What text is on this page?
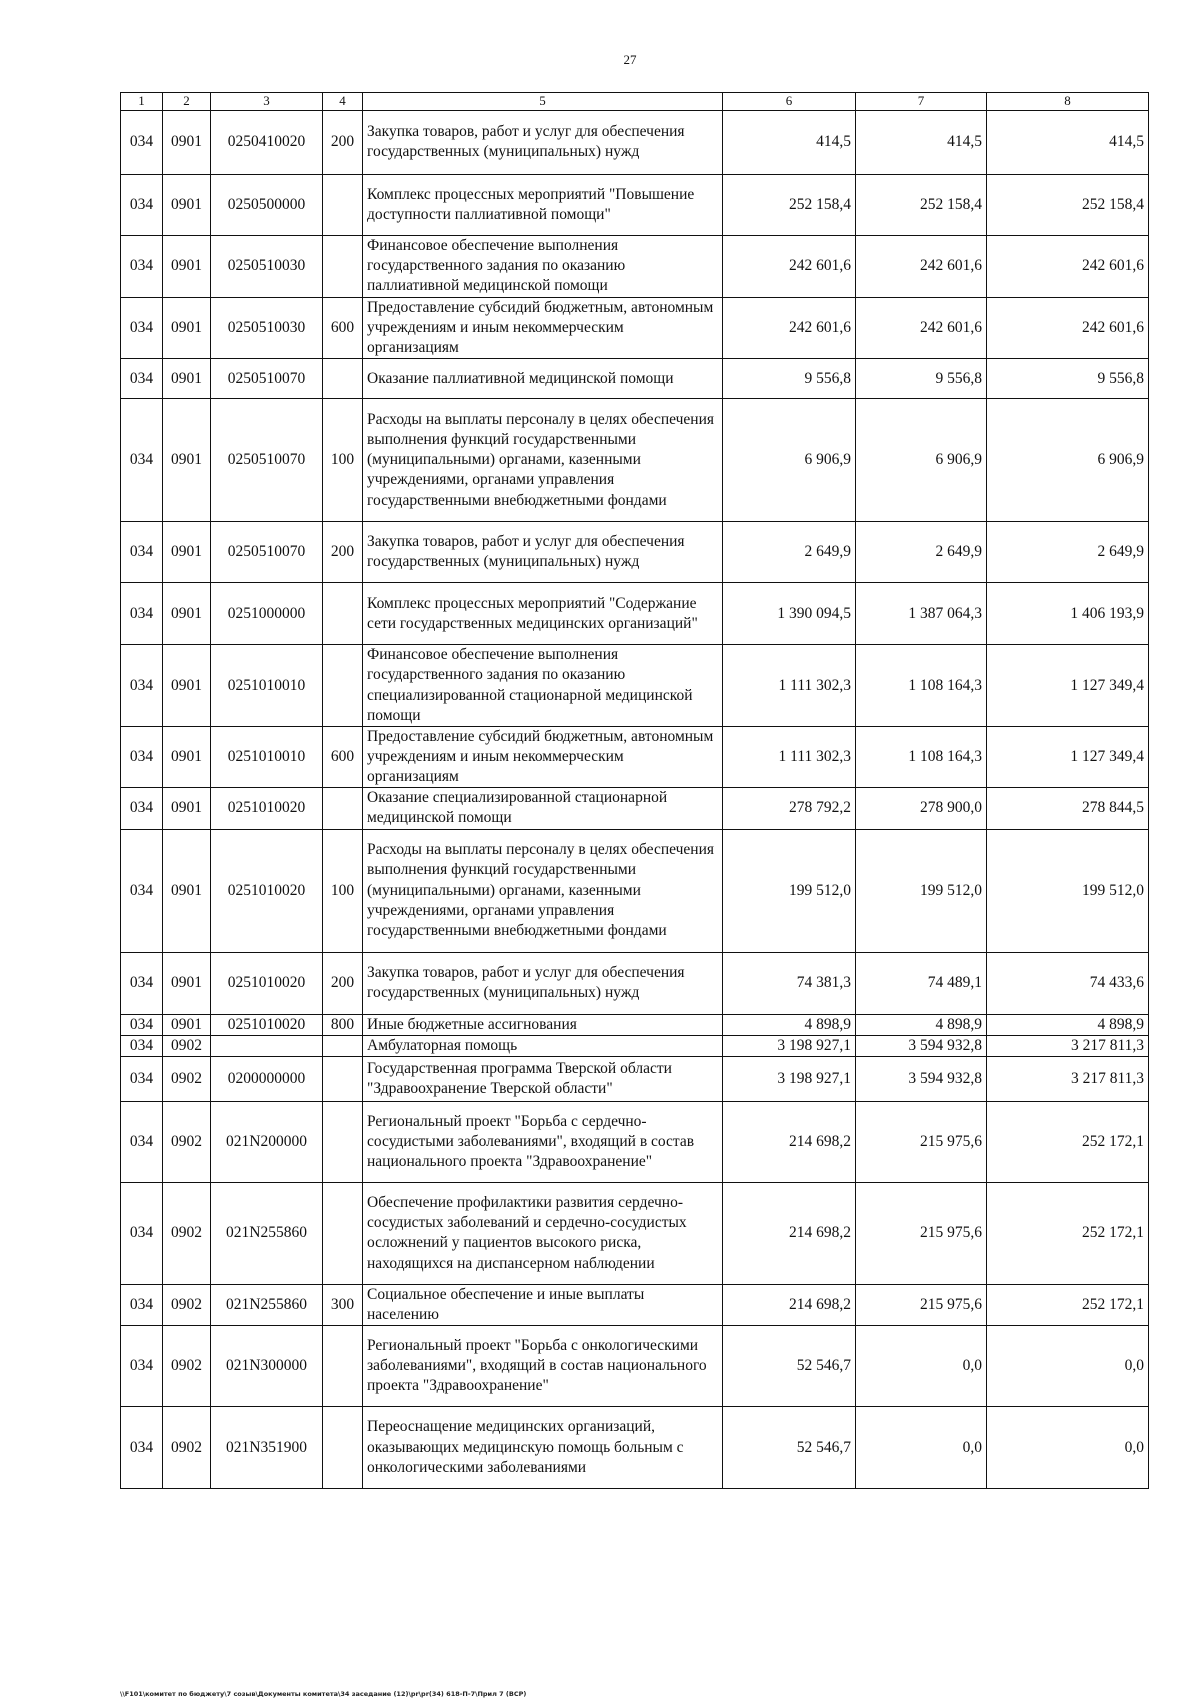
27
1	2	3	4	5	6	7	8
034	0901	0250410020	200	Закупка товаров, работ и услуг для обеспечения государственных (муниципальных) нужд	414,5	414,5	414,5
034	0901	0250500000		Комплекс процессных мероприятий "Повышение доступности паллиативной помощи"	252 158,4	252 158,4	252 158,4
034	0901	0250510030		Финансовое обеспечение выполнения государственного задания по оказанию паллиативной медицинской помощи	242 601,6	242 601,6	242 601,6
034	0901	0250510030	600	Предоставление субсидий бюджетным, автономным учреждениям и иным некоммерческим организациям	242 601,6	242 601,6	242 601,6
034	0901	0250510070		Оказание паллиативной медицинской помощи	9 556,8	9 556,8	9 556,8
034	0901	0250510070	100	Расходы на выплаты персоналу в целях обеспечения выполнения функций государственными (муниципальными) органами, казенными учреждениями, органами управления государственными внебюджетными фондами	6 906,9	6 906,9	6 906,9
034	0901	0250510070	200	Закупка товаров, работ и услуг для обеспечения государственных (муниципальных) нужд	2 649,9	2 649,9	2 649,9
034	0901	0251000000		Комплекс процессных мероприятий "Содержание сети государственных медицинских организаций"	1 390 094,5	1 387 064,3	1 406 193,9
034	0901	0251010010		Финансовое обеспечение выполнения государственного задания по оказанию специализированной стационарной медицинской помощи	1 111 302,3	1 108 164,3	1 127 349,4
034	0901	0251010010	600	Предоставление субсидий бюджетным, автономным учреждениям и иным некоммерческим организациям	1 111 302,3	1 108 164,3	1 127 349,4
034	0901	0251010020		Оказание специализированной стационарной медицинской помощи	278 792,2	278 900,0	278 844,5
034	0901	0251010020	100	Расходы на выплаты персоналу в целях обеспечения выполнения функций государственными (муниципальными) органами, казенными учреждениями, органами управления государственными внебюджетными фондами	199 512,0	199 512,0	199 512,0
034	0901	0251010020	200	Закупка товаров, работ и услуг для обеспечения государственных (муниципальных) нужд	74 381,3	74 489,1	74 433,6
034	0901	0251010020	800	Иные бюджетные ассигнования	4 898,9	4 898,9	4 898,9
034	0902			Амбулаторная помощь	3 198 927,1	3 594 932,8	3 217 811,3
034	0902	0200000000		Государственная программа Тверской области "Здравоохранение Тверской области"	3 198 927,1	3 594 932,8	3 217 811,3
034	0902	021N200000		Региональный проект "Борьба с сердечно-сосудистыми заболеваниями", входящий в состав национального проекта "Здравоохранение"	214 698,2	215 975,6	252 172,1
034	0902	021N255860		Обеспечение профилактики развития сердечно-сосудистых заболеваний и сердечно-сосудистых осложнений у пациентов высокого риска, находящихся на диспансерном наблюдении	214 698,2	215 975,6	252 172,1
034	0902	021N255860	300	Социальное обеспечение и иные выплаты населению	214 698,2	215 975,6	252 172,1
034	0902	021N300000		Региональный проект "Борьба с онкологическими заболеваниями", входящий в состав национального проекта "Здравоохранение"	52 546,7	0,0	0,0
034	0902	021N351900		Переоснащение медицинских организаций, оказывающих медицинскую помощь больным с онкологическими заболеваниями	52 546,7	0,0	0,0
\\F101\комитет по бюджету\7 созыв\Документы комитета\34 заседание (12)\pr\pr(34) 618-П-7\Прил 7 (ВСР)
